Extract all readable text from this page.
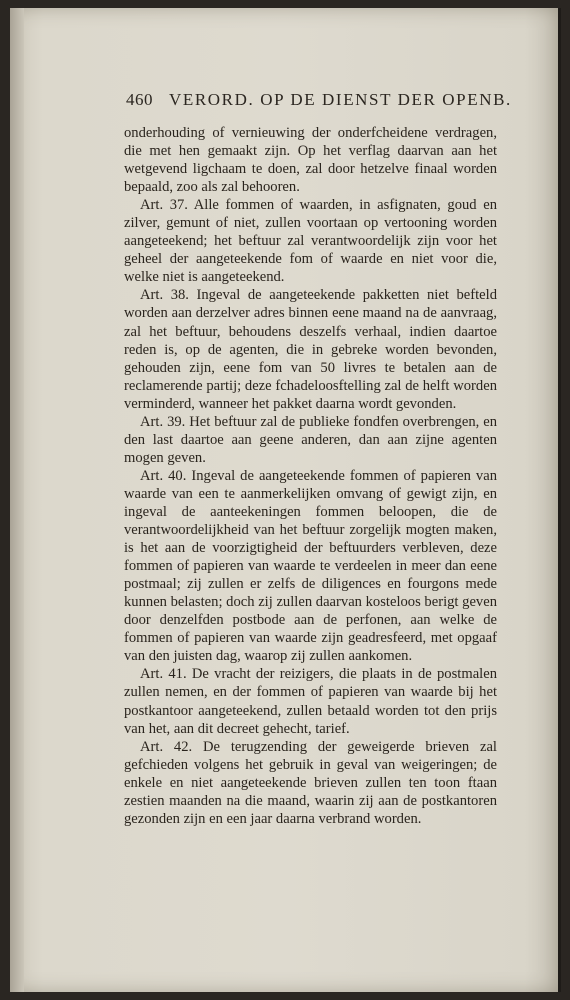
460 VERORD. OP DE DIENST DER OPENB.

onderhouding of vernieuwing der onderfcheidene verdragen, die met hen gemaakt zijn. Op het verflag daarvan aan het wetgevend ligchaam te doen, zal door hetzelve finaal worden bepaald, zoo als zal behooren.

Art. 37. Alle fommen of waarden, in asfignaten, goud en zilver, gemunt of niet, zullen voortaan op vertooning worden aangeteekend; het beftuur zal verantwoordelijk zijn voor het geheel der aangeteekende fom of waarde en niet voor die, welke niet is aangeteekend.

Art. 38. Ingeval de aangeteekende pakketten niet befteld worden aan derzelver adres binnen eene maand na de aanvraag, zal het beftuur, behoudens deszelfs verhaal, indien daartoe reden is, op de agenten, die in gebreke worden bevonden, gehouden zijn, eene fom van 50 livres te betalen aan de reclamerende partij; deze fchadeloosftelling zal de helft worden verminderd, wanneer het pakket daarna wordt gevonden.

Art. 39. Het beftuur zal de publieke fondfen overbrengen, en den last daartoe aan geene anderen, dan aan zijne agenten mogen geven.

Art. 40. Ingeval de aangeteekende fommen of papieren van waarde van een te aanmerkelijken omvang of gewigt zijn, en ingeval de aanteekeningen fommen beloopen, die de verantwoordelijkheid van het beftuur zorgelijk mogten maken, is het aan de voorzigtigheid der beftuurders verbleven, deze fommen of papieren van waarde te verdeelen in meer dan eene postmaal; zij zullen er zelfs de diligences en fourgons mede kunnen belasten; doch zij zullen daarvan kosteloos berigt geven door denzelfden postbode aan de perfonen, aan welke de fommen of papieren van waarde zijn geadresfeerd, met opgaaf van den juisten dag, waarop zij zullen aankomen.

Art. 41. De vracht der reizigers, die plaats in de postmalen zullen nemen, en der fommen of papieren van waarde bij het postkantoor aangeteekend, zullen betaald worden tot den prijs van het, aan dit decreet gehecht, tarief.

Art. 42. De terugzending der geweigerde brieven zal gefchieden volgens het gebruik in geval van weigeringen; de enkele en niet aangeteekende brieven zullen ten toon ftaan zestien maanden na die maand, waarin zij aan de postkantoren gezonden zijn en een jaar daarna verbrand worden.
